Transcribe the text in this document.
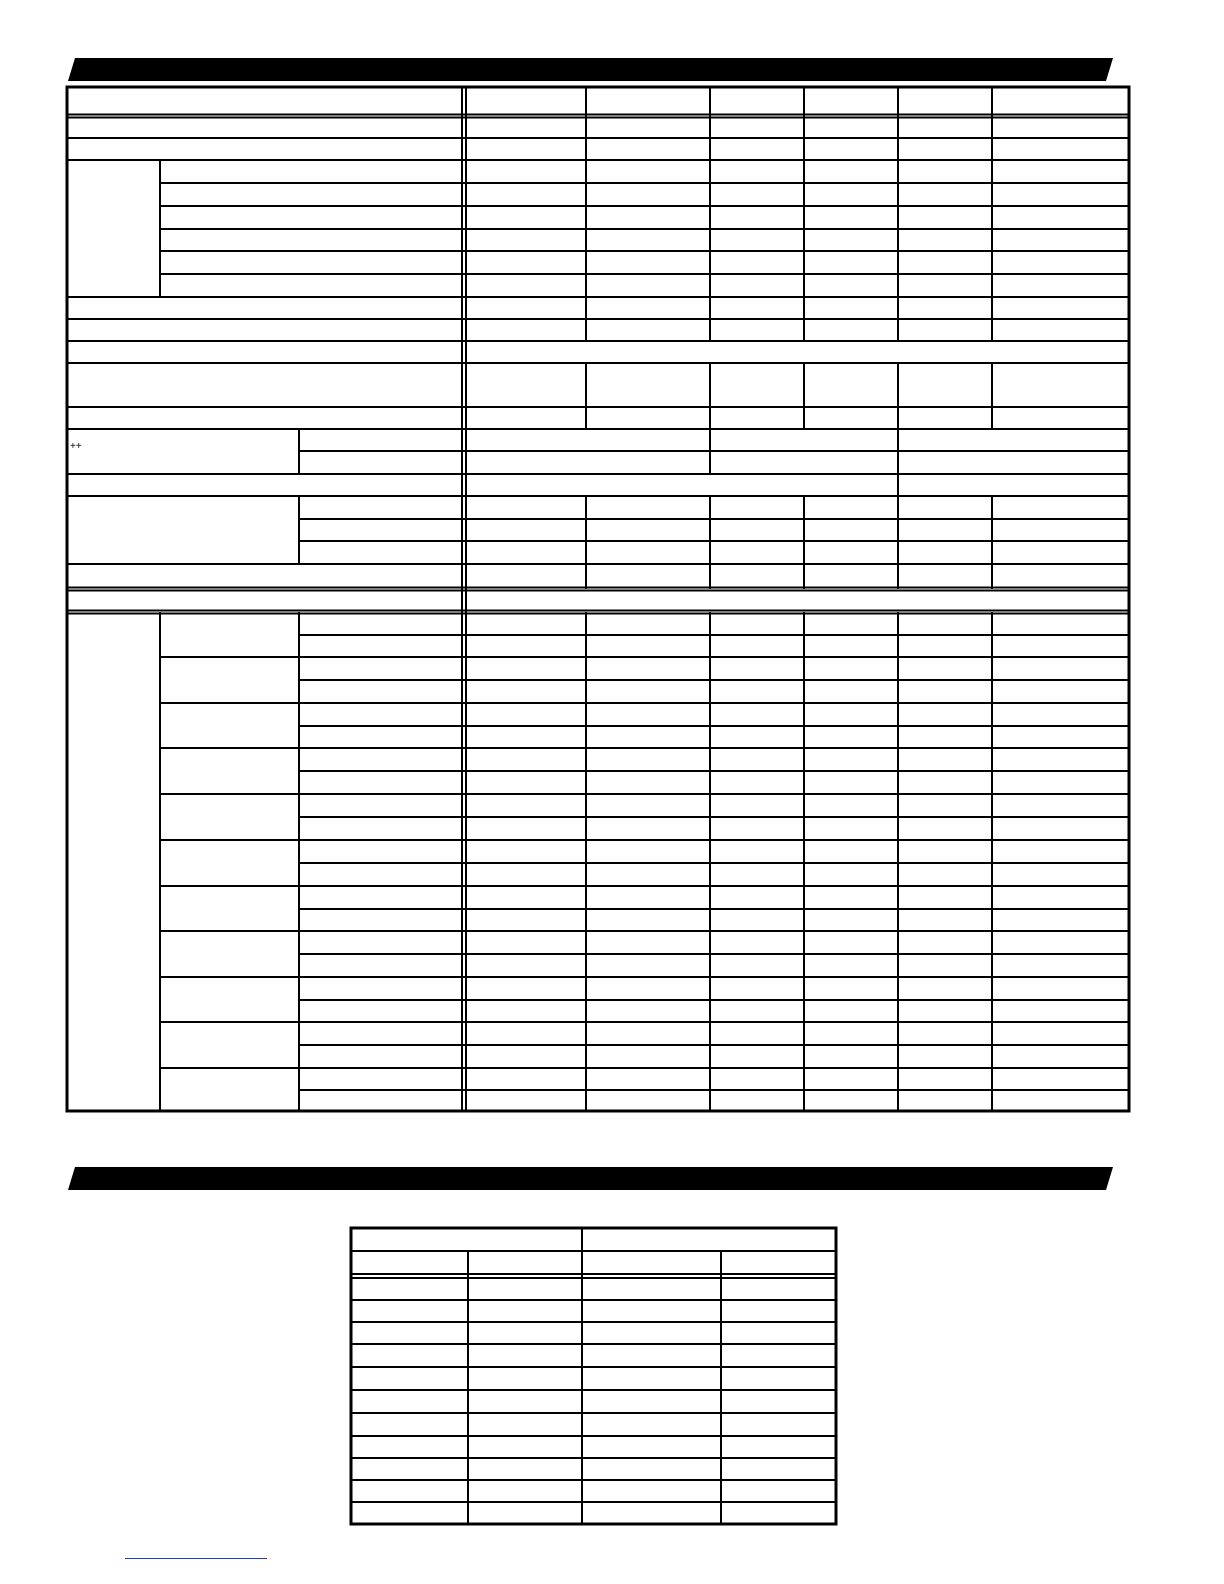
++
